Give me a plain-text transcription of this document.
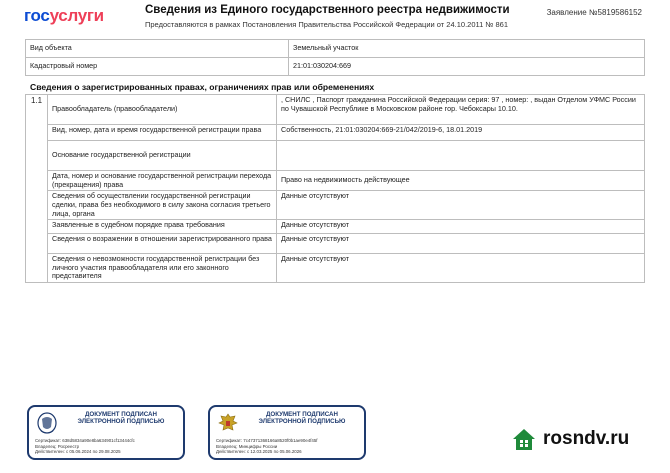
госуслуги	Сведения из Единого государственного реестра недвижимости
Предоставляются в рамках Постановления Правительства Российской Федерации от 24.10.2011 № 861
Заявление №5819586152
Вид объекта	Земельный участок
Кадастровый номер	21:01:030204:669
Сведения о зарегистрированных правах, ограничениях прав или обременениях
1.1	Правообладатель (правообладатели)	, СНИЛС , Паспорт гражданина Российской Федерации серия: 97 , номер: , выдан Отделом УФМС России по Чувашской Республике в Московском районе гор. Чебоксары 10.10.
	Вид, номер, дата и время государственной регистрации права	Собственность, 21:01:030204:669-21/042/2019-6, 18.01.2019
	Основание государственной регистрации	
	Дата, номер и основание государственной регистрации перехода (прекращения) права	Право на недвижимость действующее
	Сведения об осуществлении государственной регистрации сделки, права без необходимого в силу закона согласия третьего лица, органа	Данные отсутствуют
	Заявленные в судебном порядке права требования	Данные отсутствуют
	Сведения о возражении в отношении зарегистрированного права	Данные отсутствуют
	Сведения о невозможности государственной регистрации без личного участия правообладателя или его законного представителя	Данные отсутствуют
ДОКУМЕНТ ПОДПИСАН ЭЛЕКТРОННОЙ ПОДПИСЬЮ
Сертификат: 638d5834a90e8ba634901cf13444cfc
Владелец: Росреестр
Действителен: с 05.06.2024 по 29.08.2025
ДОКУМЕНТ ПОДПИСАН ЭЛЕКТРОННОЙ ПОДПИСЬЮ
Сертификат: 7c47371368166a8520f0b1ae90e4f45f
Владелец: Минцифры России
Действителен: с 12.03.2025 по 05.06.2026
rosndv.ru
